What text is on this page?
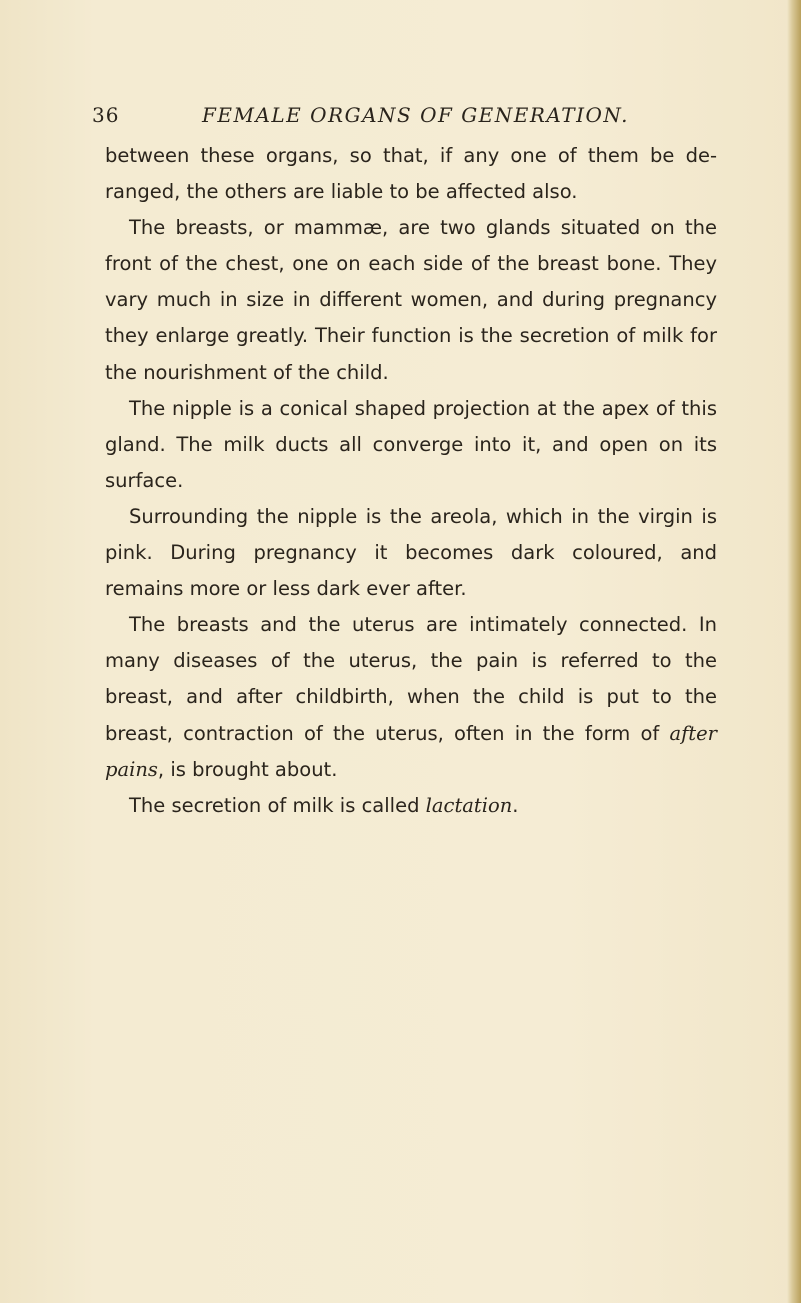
36	FEMALE ORGANS OF GENERATION.

between these organs, so that, if any one of them be de-ranged, the others are liable to be affected also.

The breasts, or mammæ, are two glands situated on the front of the chest, one on each side of the breast bone. They vary much in size in different women, and during pregnancy they enlarge greatly. Their function is the secretion of milk for the nourishment of the child.

The nipple is a conical shaped projection at the apex of this gland. The milk ducts all converge into it, and open on its surface.

Surrounding the nipple is the areola, which in the virgin is pink. During pregnancy it becomes dark coloured, and remains more or less dark ever after.

The breasts and the uterus are intimately connected. In many diseases of the uterus, the pain is referred to the breast, and after childbirth, when the child is put to the breast, contraction of the uterus, often in the form of after pains, is brought about.

The secretion of milk is called lactation.
